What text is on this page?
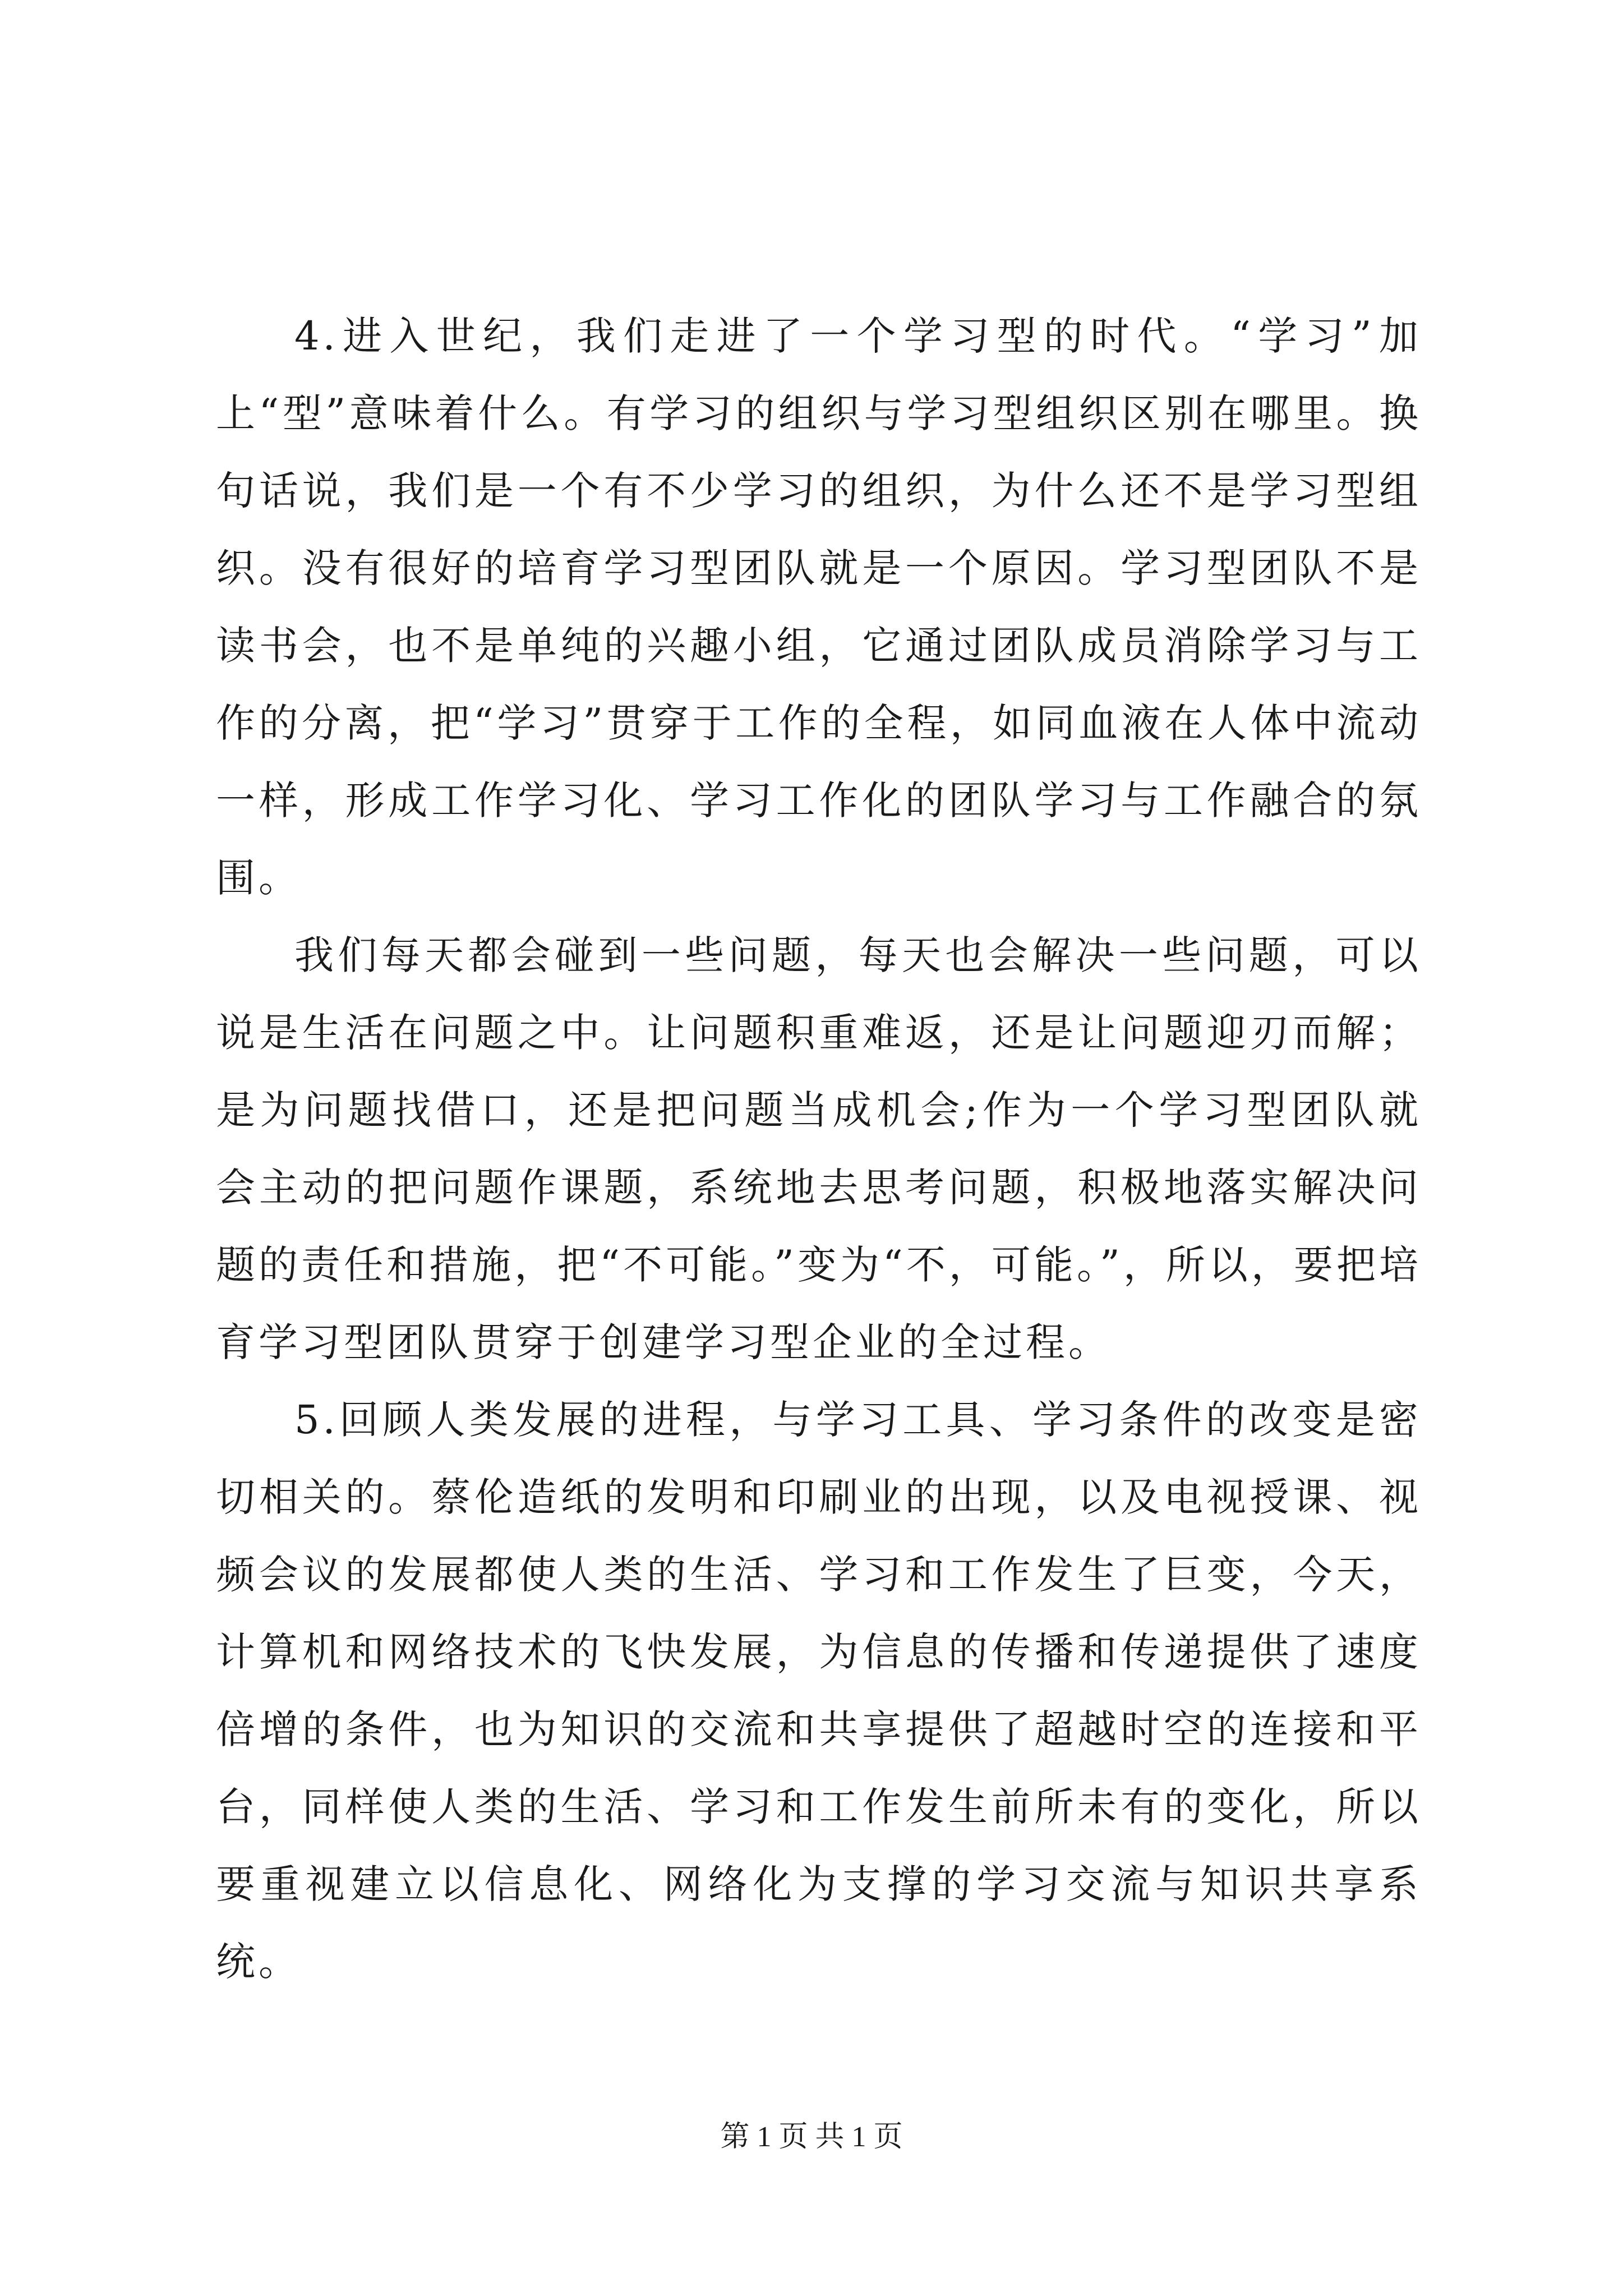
4.进入世纪，我们走进了一个学习型的时代。“学习”加上“型”意味着什么。有学习的组织与学习型组织区别在哪里。换句话说，我们是一个有不少学习的组织，为什么还不是学习型组织。没有很好的培育学习型团队就是一个原因。学习型团队不是读书会，也不是单纯的兴趣小组，它通过团队成员消除学习与工作的分离，把“学习”贯穿于工作的全程，如同血液在人体中流动一样，形成工作学习化、学习工作化的团队学习与工作融合的氛围。

我们每天都会碰到一些问题，每天也会解决一些问题，可以说是生活在问题之中。让问题积重难返，还是让问题迎刃而解；是为问题找借口，还是把问题当成机会;作为一个学习型团队就会主动的把问题作课题，系统地去思考问题，积极地落实解决问题的责任和措施，把“不可能。”变为“不，可能。”，所以，要把培育学习型团队贯穿于创建学习型企业的全过程。

5.回顾人类发展的进程，与学习工具、学习条件的改变是密切相关的。蔡伦造纸的发明和印刷业的出现，以及电视授课、视频会议的发展都使人类的生活、学习和工作发生了巨变，今天，计算机和网络技术的飞快发展，为信息的传播和传递提供了速度倍增的条件，也为知识的交流和共享提供了超越时空的连接和平台，同样使人类的生活、学习和工作发生前所未有的变化，所以要重视建立以信息化、网络化为支撑的学习交流与知识共享系统。

第 1 页 共 1 页
